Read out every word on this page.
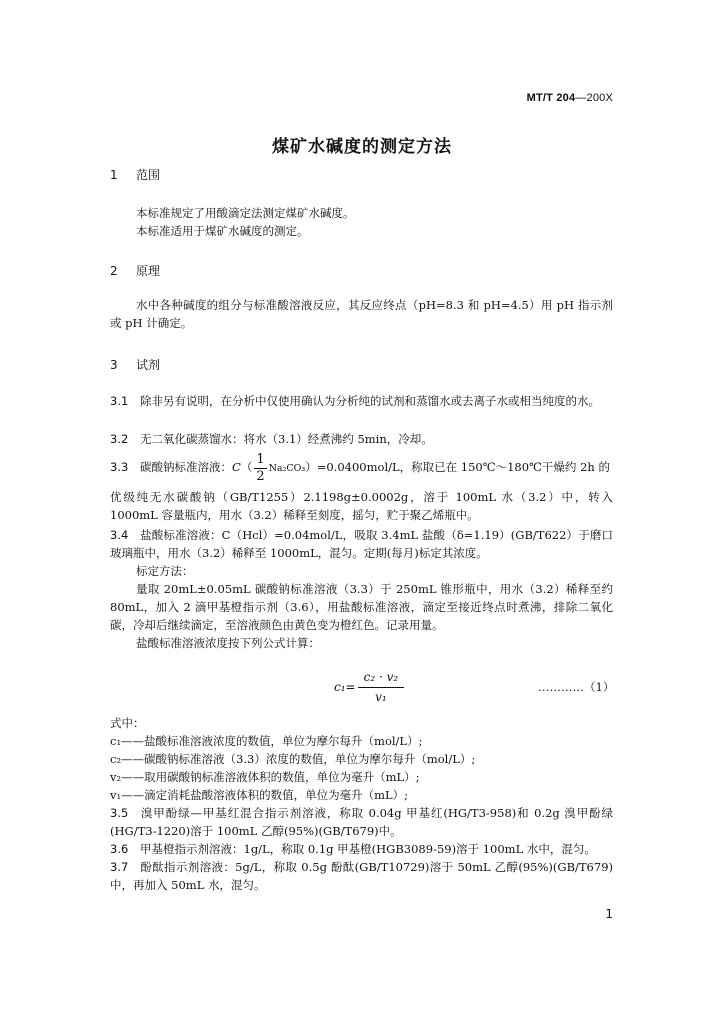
MT/T 204—200X
煤矿水碱度的测定方法
1 范围

本标准规定了用酸滴定法测定煤矿水碱度。

本标准适用于煤矿水碱度的测定。

2 原理

水中各种碱度的组分与标准酸溶液反应，其反应终点（pH=8.3 和 pH=4.5）用 pH 指示剂或 pH 计确定。

3 试剂

3.1 除非另有说明，在分析中仅使用确认为分析纯的试剂和蒸馏水或去离子水或相当纯度的水。

3.2 无二氧化碳蒸馏水：将水（3.1）经煮沸约 5min，冷却。

3.3 碳酸钠标准溶液：$C( \frac{1}{2} Na_2CO_3)=0.0400mol/L$，称取已在 150℃～180℃干燥约 2h 的

优级纯无水碳酸钠（GB/T1255）2.1198g±0.0002g，溶于 100mL 水（3.2）中，转入 1000mL 容量瓶内，用水（3.2）稀释至刻度，摇匀，贮于聚乙烯瓶中。

3.4 盐酸标准溶液：C（Hcl）=0.04mol/L，吸取 3.4mL 盐酸（δ=1.19）(GB/T622）于磨口玻璃瓶中，用水（3.2）稀释至 1000mL，混匀。定期(每月)标定其浓度。

标定方法：

量取 20mL±0.05mL 碳酸钠标准溶液（3.3）于 250mL 锥形瓶中，用水（3.2）稀释至约 80mL，加入 2 滴甲基橙指示剂（3.6），用盐酸标准溶液，滴定至接近终点时煮沸，排除二氧化碳，冷却后继续滴定，至溶液颜色由黄色变为橙红色。记录用量。

盐酸标准溶液浓度按下列公式计算：

$c_1= \frac{\text{c₂ · v₂}}{\text{v₁}}$	…………（1）

式中：

c₁——盐酸标准溶液浓度的数值，单位为摩尔每升（mol/L）;

c₂——碳酸钠标准溶液（3.3）浓度的数值，单位为摩尔每升（mol/L）;

v₂——取用碳酸钠标准溶液体积的数值，单位为毫升（mL）;

v₁——滴定消耗盐酸溶液体积的数值，单位为毫升（mL）;

3.5 溴甲酚绿—甲基红混合指示剂溶液，称取 0.04g 甲基红(HG/T3-958)和 0.2g 溴甲酚绿(HG/T3-1220)溶于 100mL 乙醇(95%)(GB/T679)中。

3.6 甲基橙指示剂溶液：1g/L，称取 0.1g 甲基橙(HGB3089-59)溶于 100mL 水中，混匀。

3.7 酚酞指示剂溶液：5g/L，称取 0.5g 酚酞(GB/T10729)溶于 50mL 乙醇(95%)(GB/T679)中，再加入 50mL 水，混匀。

1
